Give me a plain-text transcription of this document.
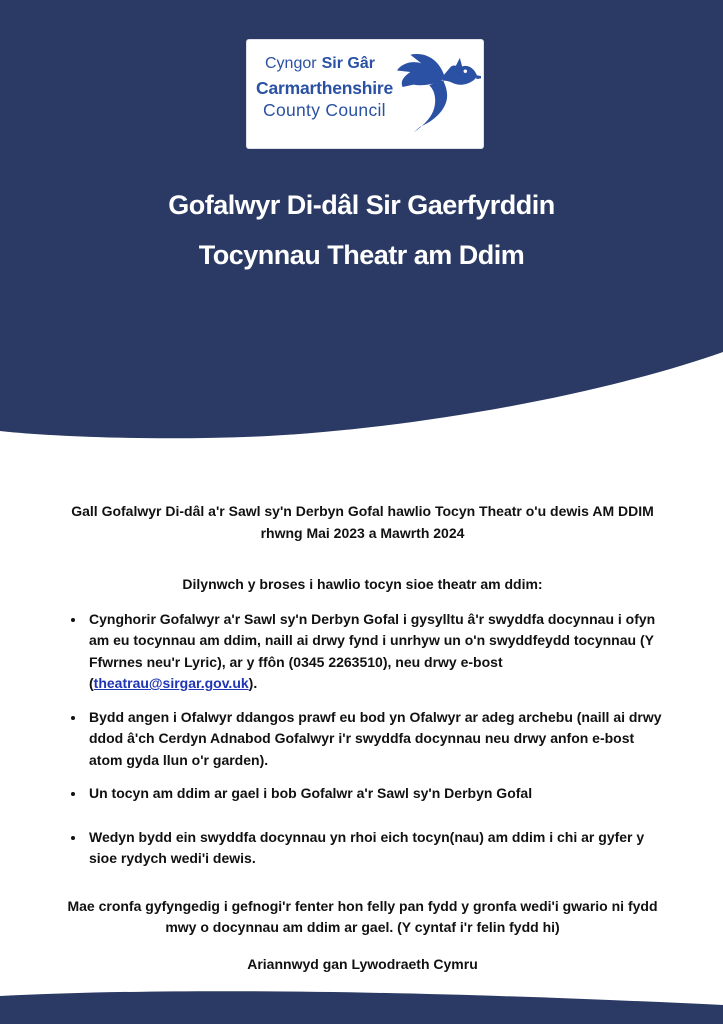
Cyngor Sir Gâr

Carmarthenshire

County Council

Gofalwyr Di-dâl Sir Gaerfyrddin
Tocynnau Theatr am Ddim

Gall Gofalwyr Di-dâl a'r Sawl sy'n Derbyn Gofal hawlio Tocyn Theatr o'u dewis AM DDIM rhwng Mai 2023 a Mawrth 2024

Dilynwch y broses i hawlio tocyn sioe theatr am ddim:

• Cynghorir Gofalwyr a'r Sawl sy'n Derbyn Gofal i gysylltu â'r swyddfa docynnau i ofyn am eu tocynnau am ddim, naill ai drwy fynd i unrhyw un o'n swyddfeydd tocynnau (Y Ffwrnes neu'r Lyric), ar y ffôn (0345 2263510), neu drwy e-bost (theatrau@sirgar.gov.uk).
• Bydd angen i Ofalwyr ddangos prawf eu bod yn Ofalwyr ar adeg archebu (naill ai drwy ddod â'ch Cerdyn Adnabod Gofalwyr i'r swyddfa docynnau neu drwy anfon e-bost atom gyda llun o'r garden).
• Un tocyn am ddim ar gael i bob Gofalwr a'r Sawl sy'n Derbyn Gofal
• Wedyn bydd ein swyddfa docynnau yn rhoi eich tocyn(nau) am ddim i chi ar gyfer y sioe rydych wedi'i dewis.

Mae cronfa gyfyngedig i gefnogi'r fenter hon felly pan fydd y gronfa wedi'i gwario ni fydd mwy o docynnau am ddim ar gael. (Y cyntaf i'r felin fydd hi)

Ariannwyd gan Lywodraeth Cymru
